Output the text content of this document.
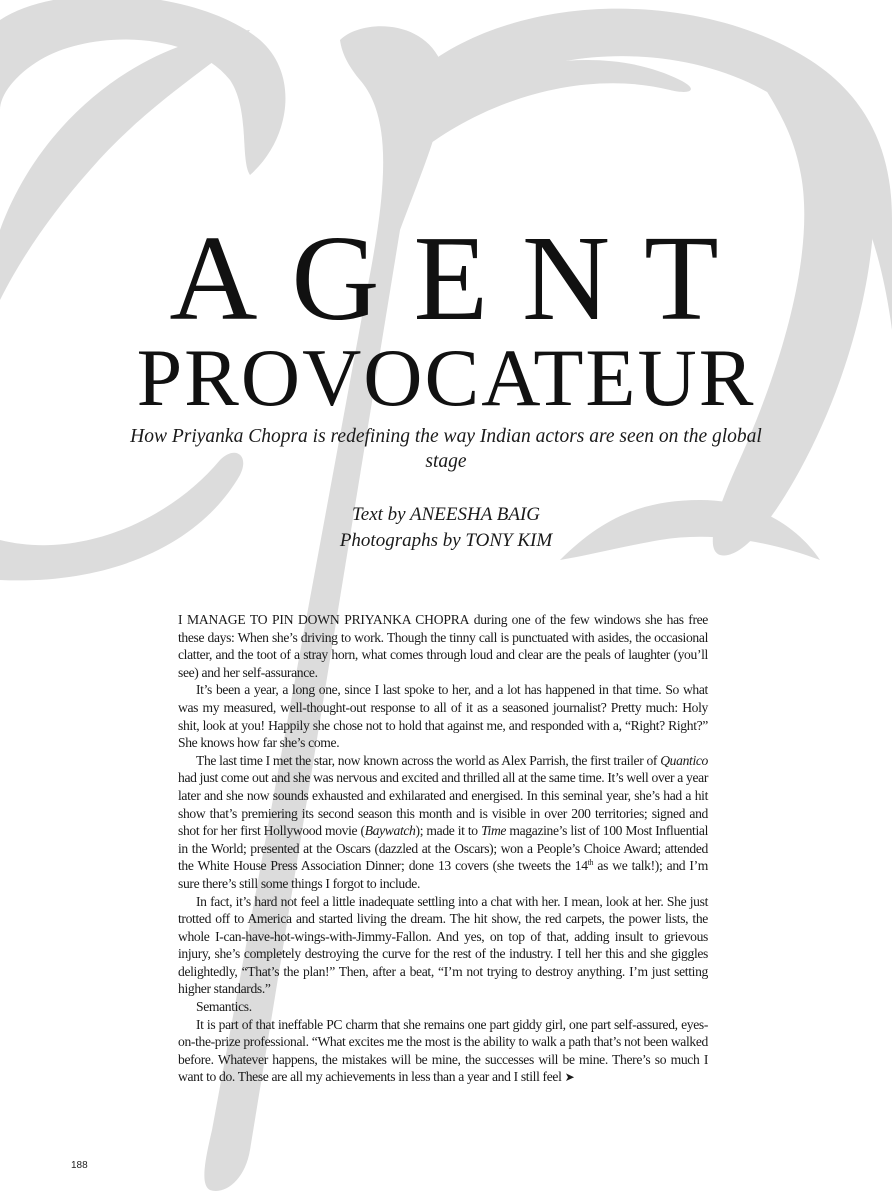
AGENT
PROVOCATEUR

How Priyanka Chopra is redefining the way Indian actors are seen on the global stage

Text by ANEESHA BAIG
Photographs by TONY KIM

I MANAGE TO PIN DOWN PRIYANKA CHOPRA during one of the few windows she has free these days: When she’s driving to work. Though the tinny call is punctuated with asides, the occasional clatter, and the toot of a stray horn, what comes through loud and clear are the peals of laughter (you’ll see) and her self-assurance.

It’s been a year, a long one, since I last spoke to her, and a lot has happened in that time. So what was my measured, well-thought-out response to all of it as a seasoned journalist? Pretty much: Holy shit, look at you! Happily she chose not to hold that against me, and responded with a, “Right? Right?” She knows how far she’s come.

The last time I met the star, now known across the world as Alex Parrish, the first trailer of Quantico had just come out and she was nervous and excited and thrilled all at the same time. It’s well over a year later and she now sounds exhausted and exhilarated and energised. In this seminal year, she’s had a hit show that’s premiering its second season this month and is visible in over 200 territories; signed and shot for her first Hollywood movie (Baywatch); made it to Time magazine’s list of 100 Most Influential in the World; presented at the Oscars (dazzled at the Oscars); won a People’s Choice Award; attended the White House Press Association Dinner; done 13 covers (she tweets the 14th as we talk!); and I’m sure there’s still some things I forgot to include.

In fact, it’s hard not feel a little inadequate settling into a chat with her. I mean, look at her. She just trotted off to America and started living the dream. The hit show, the red carpets, the power lists, the whole I-can-have-hot-wings-with-Jimmy-Fallon. And yes, on top of that, adding insult to grievous injury, she’s completely destroying the curve for the rest of the industry. I tell her this and she giggles delightedly, “That’s the plan!” Then, after a beat, “I’m not trying to destroy anything. I’m just setting higher standards.”

Semantics.

It is part of that ineffable PC charm that she remains one part giddy girl, one part self-assured, eyes-on-the-prize professional. “What excites me the most is the ability to walk a path that’s not been walked before. Whatever happens, the mistakes will be mine, the successes will be mine. There’s so much I want to do. These are all my achievements in less than a year and I still feel ➤

188
